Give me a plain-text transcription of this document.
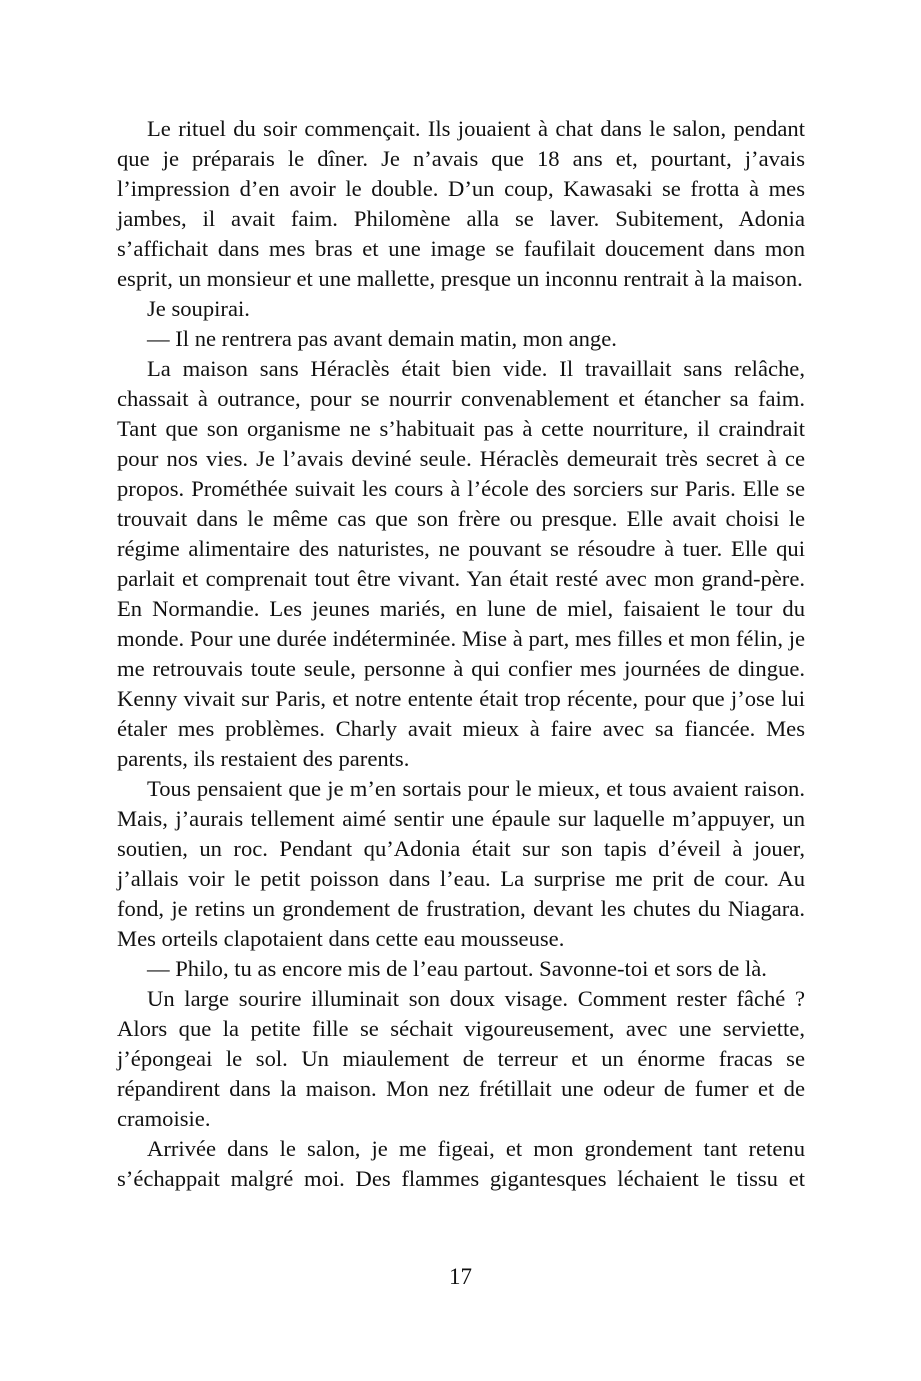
Le rituel du soir commençait. Ils jouaient à chat dans le salon, pendant que je préparais le dîner. Je n’avais que 18 ans et, pourtant, j’avais l’impression d’en avoir le double. D’un coup, Kawasaki se frotta à mes jambes, il avait faim. Philomène alla se laver. Subitement, Adonia s’affichait dans mes bras et une image se faufilait doucement dans mon esprit, un monsieur et une mallette, presque un inconnu rentrait à la maison.

Je soupirai.

— Il ne rentrera pas avant demain matin, mon ange.

La maison sans Héraclès était bien vide. Il travaillait sans relâche, chassait à outrance, pour se nourrir convenablement et étancher sa faim. Tant que son organisme ne s’habituait pas à cette nourriture, il craindrait pour nos vies. Je l’avais deviné seule. Héraclès demeurait très secret à ce propos. Prométhée suivait les cours à l’école des sorciers sur Paris. Elle se trouvait dans le même cas que son frère ou presque. Elle avait choisi le régime alimentaire des naturistes, ne pouvant se résoudre à tuer. Elle qui parlait et comprenait tout être vivant. Yan était resté avec mon grand-père. En Normandie. Les jeunes mariés, en lune de miel, faisaient le tour du monde. Pour une durée indéterminée. Mise à part, mes filles et mon félin, je me retrouvais toute seule, personne à qui confier mes journées de dingue. Kenny vivait sur Paris, et notre entente était trop récente, pour que j’ose lui étaler mes problèmes. Charly avait mieux à faire avec sa fiancée. Mes parents, ils restaient des parents.

Tous pensaient que je m’en sortais pour le mieux, et tous avaient raison. Mais, j’aurais tellement aimé sentir une épaule sur laquelle m’appuyer, un soutien, un roc. Pendant qu’Adonia était sur son tapis d’éveil à jouer, j’allais voir le petit poisson dans l’eau. La surprise me prit de cour. Au fond, je retins un grondement de frustration, devant les chutes du Niagara. Mes orteils clapotaient dans cette eau mousseuse.

— Philo, tu as encore mis de l’eau partout. Savonne-toi et sors de là.

Un large sourire illuminait son doux visage. Comment rester fâché ? Alors que la petite fille se séchait vigoureusement, avec une serviette, j’épongeai le sol. Un miaulement de terreur et un énorme fracas se répandirent dans la maison. Mon nez frétillait une odeur de fumer et de cramoisie.

Arrivée dans le salon, je me figeai, et mon grondement tant retenu s’échappait malgré moi. Des flammes gigantesques léchaient le tissu et

17
